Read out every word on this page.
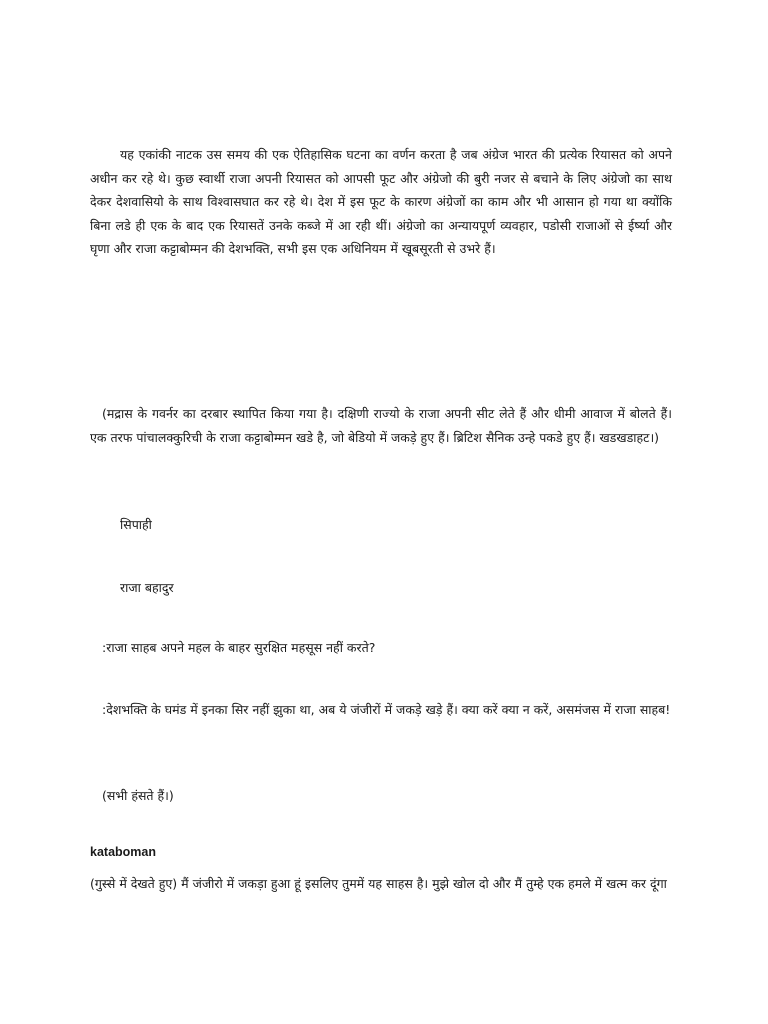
यह एकांकी नाटक उस समय की एक ऐतिहासिक घटना का वर्णन करता है जब अंग्रेज भारत की प्रत्येक रियासत को अपने अधीन कर रहे थे। कुछ स्वार्थी राजा अपनी रियासत को आपसी फूट और अंग्रेजो की बुरी नजर से बचाने के लिए अंग्रेजो का साथ देकर देशवासियो के साथ विश्वासघात कर रहे थे। देश में इस फूट के कारण अंग्रेजों का काम और भी आसान हो गया था क्योंकि बिना लडे ही एक के बाद एक रियासतें उनके कब्जे में आ रही थीं। अंग्रेजो का अन्यायपूर्ण व्यवहार, पडोसी राजाओं से ईर्ष्या और घृणा और राजा कट्टाबोम्मन की देशभक्ति, सभी इस एक अधिनियम में खूबसूरती से उभरे हैं।

(मद्रास के गवर्नर का दरबार स्थापित किया गया है। दक्षिणी राज्यो के राजा अपनी सीट लेते हैं और धीमी आवाज में बोलते हैं। एक तरफ पांचालक्कुरिची के राजा कट्टाबोम्मन खडे है, जो बेडियो में जकड़े हुए हैं। ब्रिटिश सैनिक उन्हे पकडे हुए हैं। खडखडाहट।)

सिपाही

राजा बहादुर

:राजा साहब अपने महल के बाहर सुरक्षित महसूस नहीं करते?

:देशभक्ति के घमंड में इनका सिर नहीं झुका था, अब ये जंजीरों में जकड़े खड़े हैं। क्या करें क्या न करें, असमंजस में राजा साहब!

(सभी हंसते हैं।)

kataboman

(गुस्से में देखते हुए) मैं जंजीरो में जकड़ा हुआ हूं इसलिए तुममें यह साहस है। मुझे खोल दो और मैं तुम्हे एक हमले में खत्म कर दूंगा
